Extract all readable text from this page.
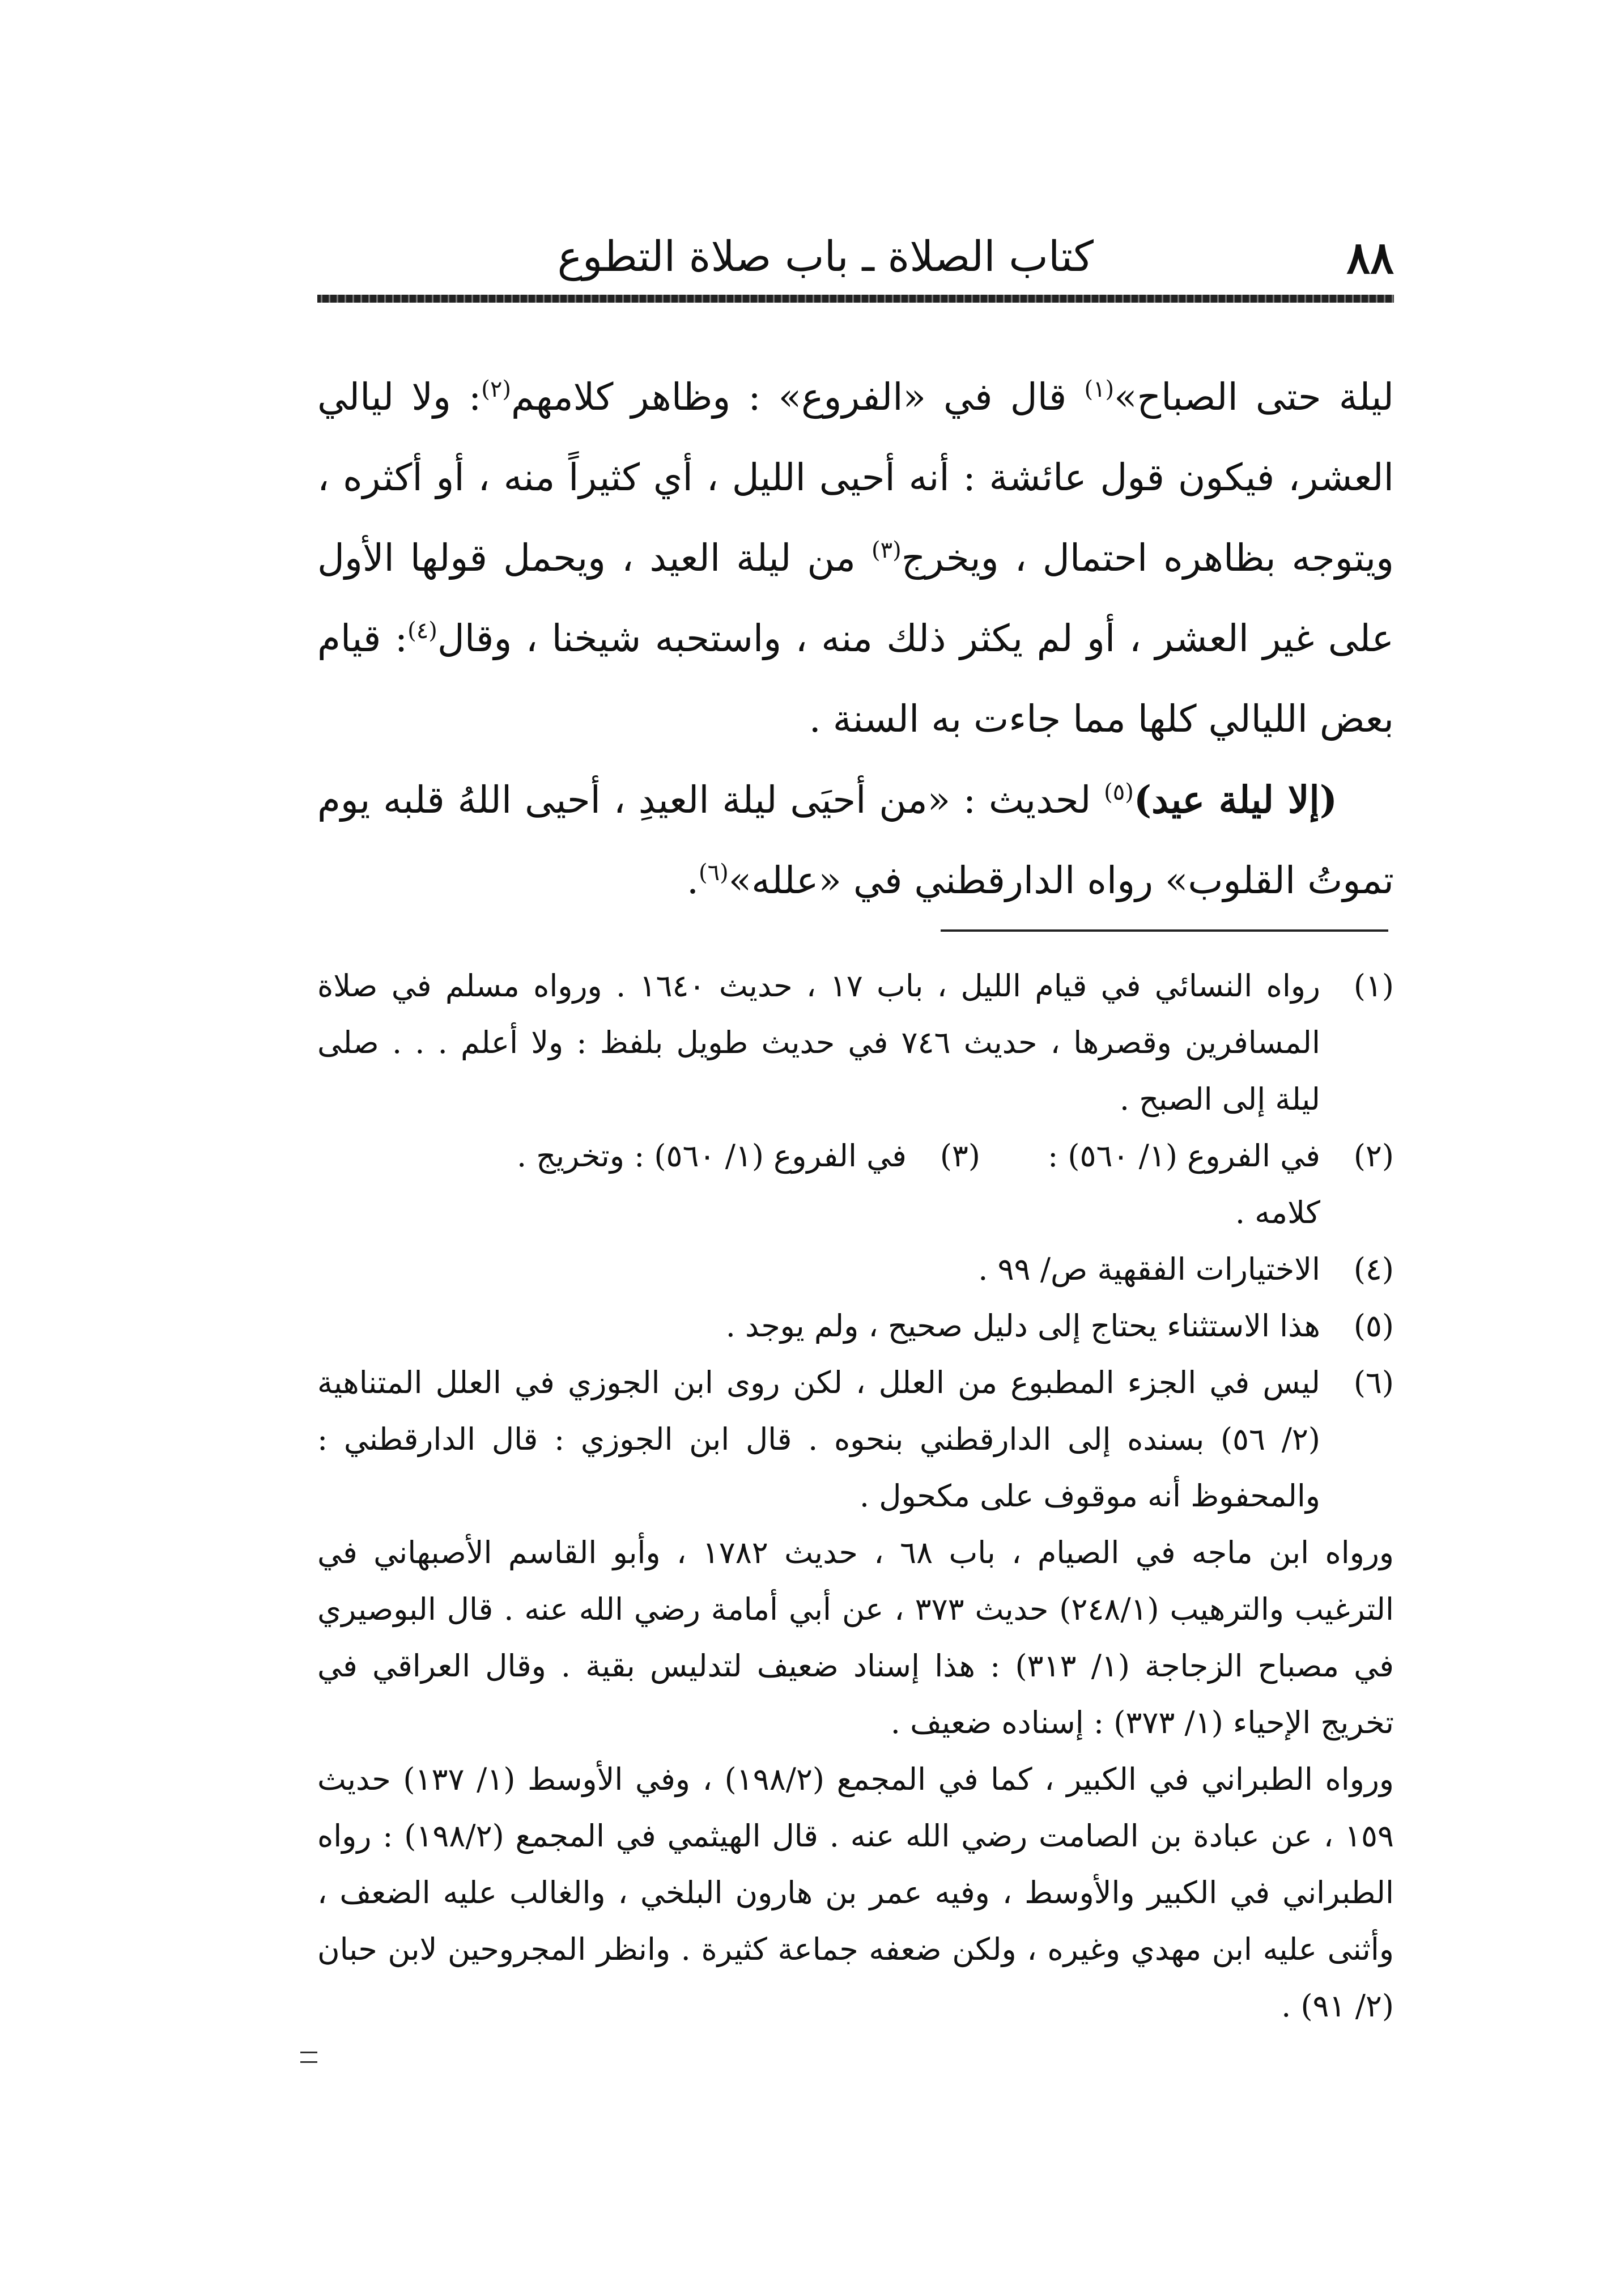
٨٨
كتاب الصلاة ـ باب صلاة التطوع

ليلة حتى الصباح»$^{(١)}$ قال في «الفروع» : وظاهر كلامهم$^{(٢)}$: ولا ليالي العشر، فيكون قول عائشة : أنه أحيى الليل ، أي كثيراً منه ، أو أكثره ، ويتوجه بظاهره احتمال ، ويخرج$^{(٣)}$ من ليلة العيد ، ويحمل قولها الأول على غير العشر ، أو لم يكثر ذلك منه ، واستحبه شيخنا ، وقال$^{(٤)}$: قيام بعض الليالي كلها مما جاءت به السنة .

(إلا ليلة عيد)$^{(٥)}$ لحديث : «من أحيَى ليلة العيدِ ، أحيى اللهُ قلبه يوم تموتُ القلوب» رواه الدارقطني في «علله»$^{(٦)}$.

(١)
رواه النسائي في قيام الليل ، باب ١٧ ، حديث ١٦٤٠ . ورواه مسلم في صلاة المسافرين وقصرها ، حديث ٧٤٦ في حديث طويل بلفظ : ولا أعلم . . . صلى ليلة إلى الصبح .
(٢)
في الفروع (١/ ٥٦٠) : كلامه .
(٣)
في الفروع (١/ ٥٦٠) : وتخريج .
(٤)
الاختيارات الفقهية ص/ ٩٩ .
(٥)
هذا الاستثناء يحتاج إلى دليل صحيح ، ولم يوجد .
(٦)
ليس في الجزء المطبوع من العلل ، لكن روى ابن الجوزي في العلل المتناهية (٢/ ٥٦) بسنده إلى الدارقطني بنحوه . قال ابن الجوزي : قال الدارقطني : والمحفوظ أنه موقوف على مكحول .
ورواه ابن ماجه في الصيام ، باب ٦٨ ، حديث ١٧٨٢ ، وأبو القاسم الأصبهاني في الترغيب والترهيب (٢٤٨/١) حديث ٣٧٣ ، عن أبي أمامة رضي الله عنه . قال البوصيري في مصباح الزجاجة (١/ ٣١٣) : هذا إسناد ضعيف لتدليس بقية . وقال العراقي في تخريج الإحياء (١/ ٣٧٣) : إسناده ضعيف .
ورواه الطبراني في الكبير ، كما في المجمع (١٩٨/٢) ، وفي الأوسط (١/ ١٣٧) حديث ١٥٩ ، عن عبادة بن الصامت رضي الله عنه . قال الهيثمي في المجمع (١٩٨/٢) : رواه الطبراني في الكبير والأوسط ، وفيه عمر بن هارون البلخي ، والغالب عليه الضعف ، وأثنى عليه ابن مهدي وغيره ، ولكن ضعفه جماعة كثيرة . وانظر المجروحين لابن حبان (٢/ ٩١) .
